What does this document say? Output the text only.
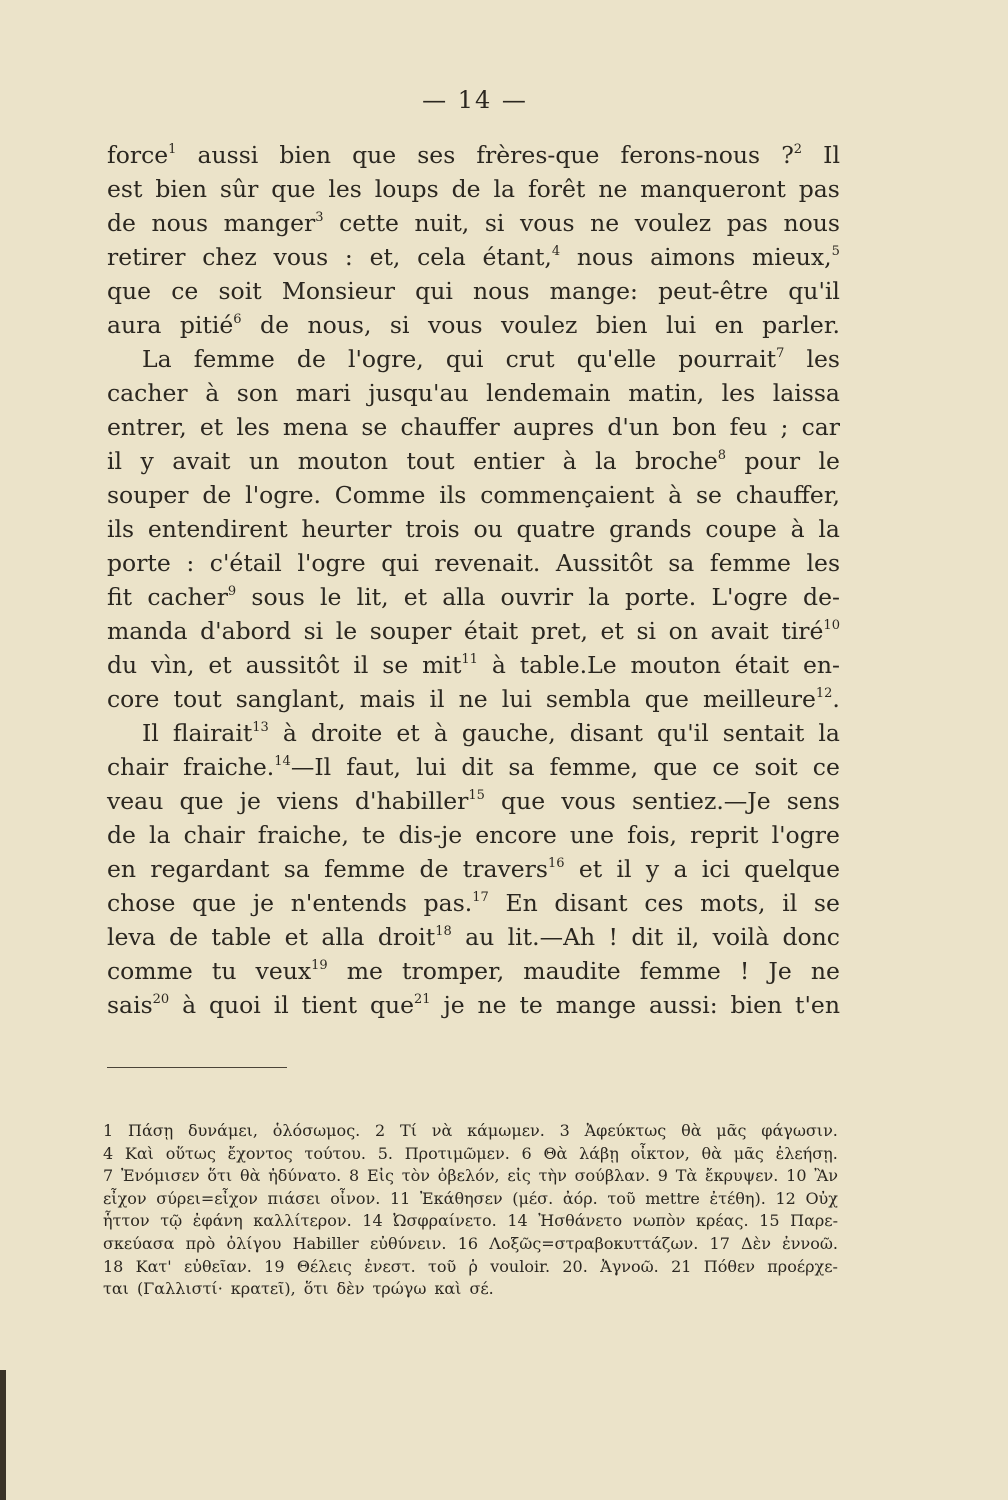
— 14 —
force$^1$ aussi bien que ses frères-que ferons-nous ?$^2$ Il
est bien sûr que les loups de la forêt ne manqueront pas
de nous manger$^3$ cette nuit, si vous ne voulez pas nous
retirer chez vous : et, cela étant,$^4$ nous aimons mieux,$^5$
que ce soit Monsieur qui nous mange: peut-être qu'il
aura pitié$^6$ de nous, si vous voulez bien lui en parler.
La femme de l'ogre, qui crut qu'elle pourrait$^7$ les
cacher à son mari jusqu'au lendemain matin, les laissa
entrer, et les mena se chauffer aupres d'un bon feu ; car
il y avait un mouton tout entier à la broche$^8$ pour le
souper de l'ogre. Comme ils commençaient à se chauffer,
ils entendirent heurter trois ou quatre grands coupe à la
porte : c'étail l'ogre qui revenait. Aussitôt sa femme les
fit cacher$^9$ sous le lit, et alla ouvrir la porte. L'ogre de-
manda d'abord si le souper était pret, et si on avait tiré$^{10}$
du vìn, et aussitôt il se mit$^{11}$ à table.Le mouton était en-
core tout sanglant, mais il ne lui sembla que meilleure$^{12}$.
Il flairait$^{13}$ à droite et à gauche, disant qu'il sentait la
chair fraiche.$^{14}$—Il faut, lui dit sa femme, que ce soit ce
veau que je viens d'habiller$^{15}$ que vous sentiez.—Je sens
de la chair fraiche, te dis-je encore une fois, reprit l'ogre
en regardant sa femme de travers$^{16}$ et il y a ici quelque
chose que je n'entends pas.$^{17}$ En disant ces mots, il se
leva de table et alla droit$^{18}$ au lit.—Ah ! dit il, voilà donc
comme tu veux$^{19}$ me tromper, maudite femme ! Je ne
sais$^{20}$ à quoi il tient que$^{21}$ je ne te mange aussi: bien t'en
1 Πάσῃ δυνάμει, ὁλόσωμος. 2 Τί νὰ κάμωμεν. 3 Ἀφεύκτως θὰ μᾶς φάγωσιν.
4 Καὶ οὕτως ἔχοντος τούτου. 5. Προτιμῶμεν. 6 Θὰ λάβῃ οἶκτον, θὰ μᾶς ἐλεήσῃ.
7 Ἐνόμισεν ὅτι θὰ ἠδύνατο. 8 Εἰς τὸν ὀβελόν, εἰς τὴν σούβλαν. 9 Τὰ ἔκρυψεν. 10 Ἂν
εἶχον σύρει=εἶχον πιάσει οἶνον. 11 Ἐκάθησεν (μέσ. ἀόρ. τοῦ mettre ἐτέθη). 12 Οὐχ
ἧττον τῷ ἐφάνη καλλίτερον. 14 Ὠσφραίνετο. 14 Ἠσθάνετο νωπὸν κρέας. 15 Παρε-
σκεύασα πρὸ ὀλίγου Habiller εὐθύνειν. 16 Λοξῶς=στραβοκυττάζων. 17 Δὲν ἐννοῶ.
18 Κατ' εὐθεῖαν. 19 Θέλεις ἐνεστ. τοῦ ῥ vouloir. 20. Ἀγνοῶ. 21 Πόθεν προέρχε-
ται (Γαλλιστί· κρατεῖ), ὅτι δὲν τρώγω καὶ σέ.
